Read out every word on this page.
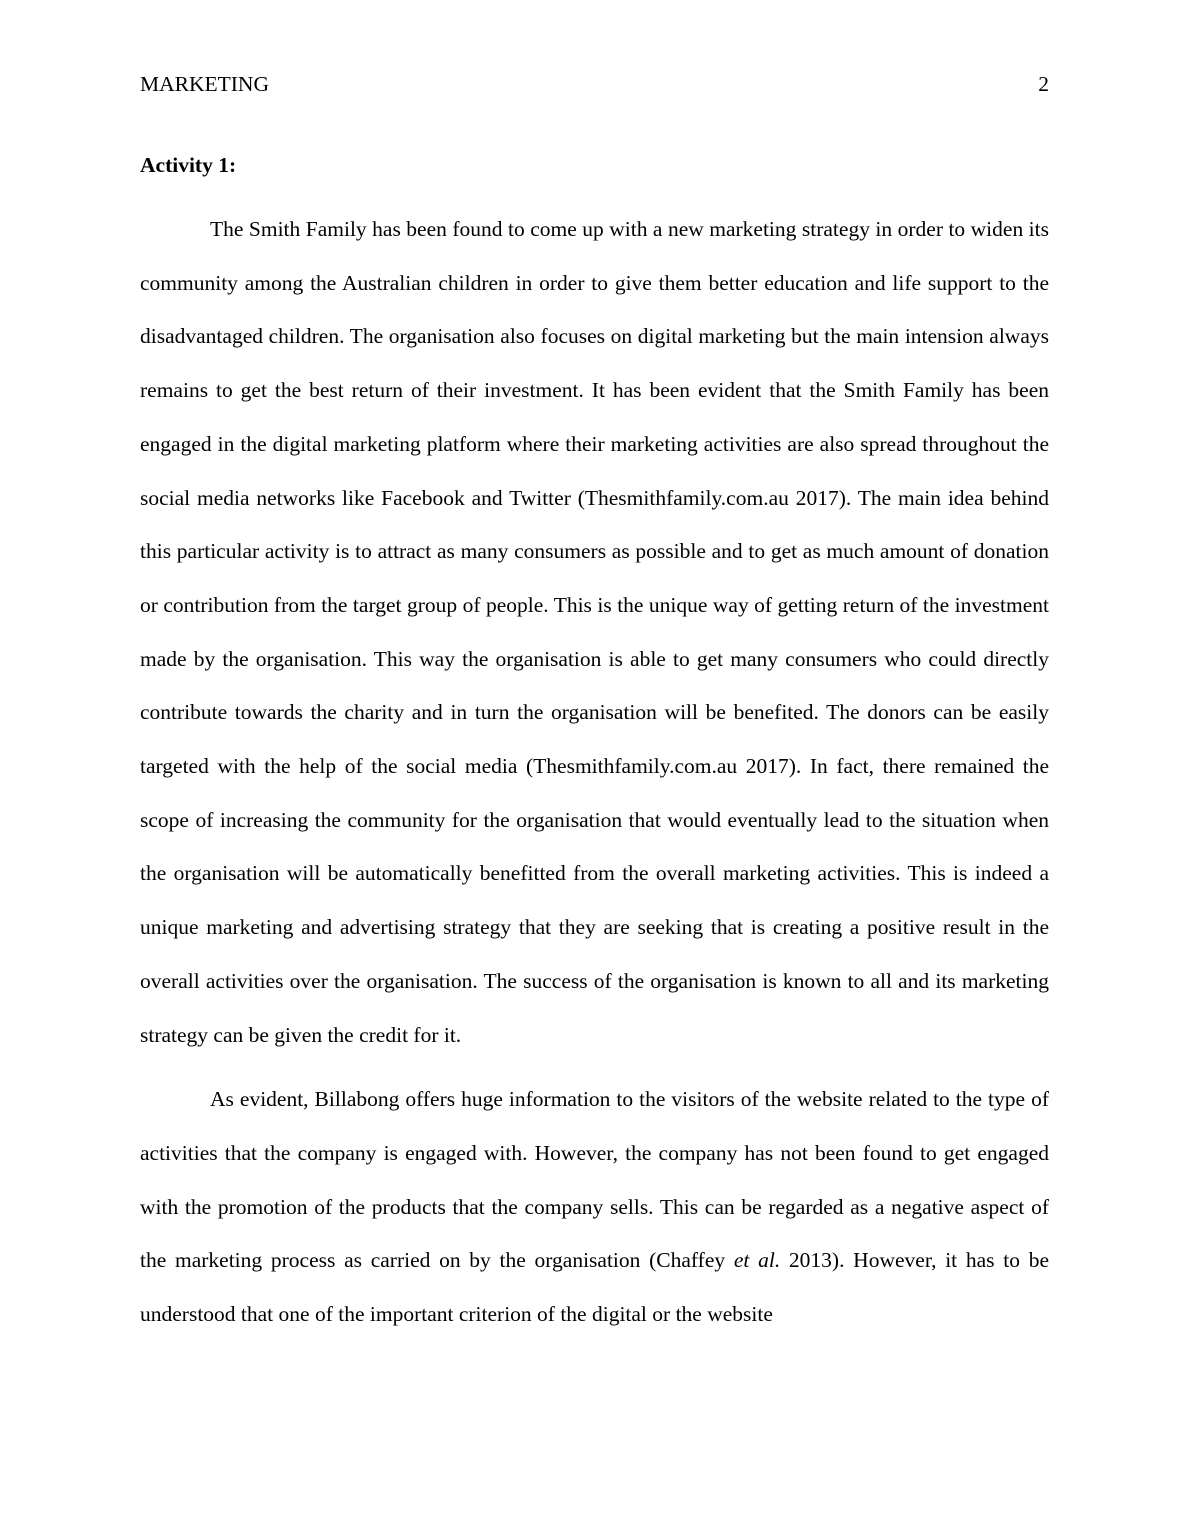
MARKETING	2
Activity 1:

The Smith Family has been found to come up with a new marketing strategy in order to widen its community among the Australian children in order to give them better education and life support to the disadvantaged children. The organisation also focuses on digital marketing but the main intension always remains to get the best return of their investment. It has been evident that the Smith Family has been engaged in the digital marketing platform where their marketing activities are also spread throughout the social media networks like Facebook and Twitter (Thesmithfamily.com.au 2017). The main idea behind this particular activity is to attract as many consumers as possible and to get as much amount of donation or contribution from the target group of people. This is the unique way of getting return of the investment made by the organisation. This way the organisation is able to get many consumers who could directly contribute towards the charity and in turn the organisation will be benefited. The donors can be easily targeted with the help of the social media (Thesmithfamily.com.au 2017). In fact, there remained the scope of increasing the community for the organisation that would eventually lead to the situation when the organisation will be automatically benefitted from the overall marketing activities. This is indeed a unique marketing and advertising strategy that they are seeking that is creating a positive result in the overall activities over the organisation. The success of the organisation is known to all and its marketing strategy can be given the credit for it.

As evident, Billabong offers huge information to the visitors of the website related to the type of activities that the company is engaged with. However, the company has not been found to get engaged with the promotion of the products that the company sells. This can be regarded as a negative aspect of the marketing process as carried on by the organisation (Chaffey et al. 2013). However, it has to be understood that one of the important criterion of the digital or the website
